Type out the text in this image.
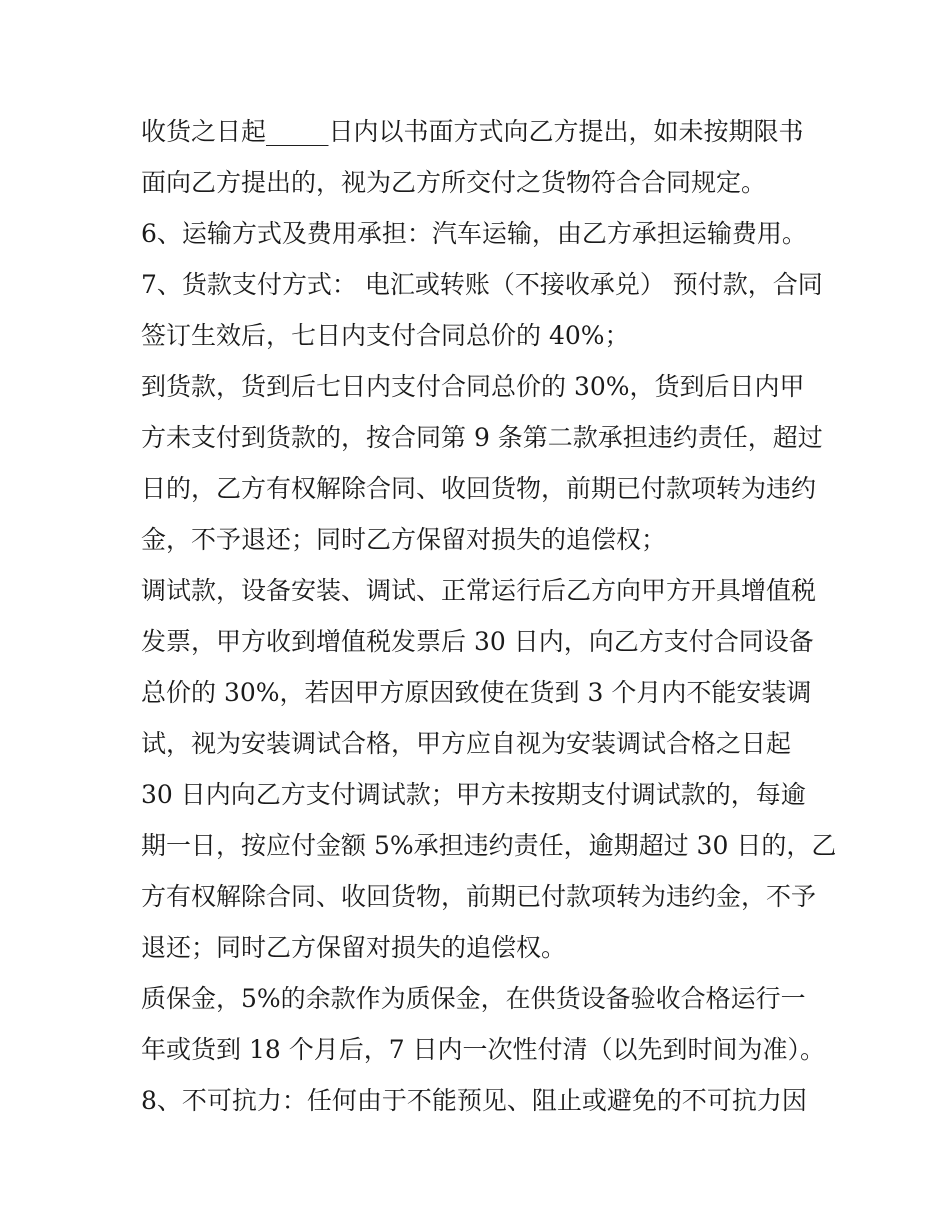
收货之日起_____日内以书面方式向乙方提出，如未按期限书
面向乙方提出的，视为乙方所交付之货物符合合同规定。
6、运输方式及费用承担：汽车运输，由乙方承担运输费用。
7、货款支付方式： 电汇或转账（不接收承兑） 预付款，合同
签订生效后，七日内支付合同总价的 40%；
到货款，货到后七日内支付合同总价的 30%，货到后日内甲
方未支付到货款的，按合同第 9 条第二款承担违约责任，超过
日的，乙方有权解除合同、收回货物，前期已付款项转为违约
金，不予退还；同时乙方保留对损失的追偿权；
调试款，设备安装、调试、正常运行后乙方向甲方开具增值税
发票，甲方收到增值税发票后 30 日内，向乙方支付合同设备
总价的 30%，若因甲方原因致使在货到 3 个月内不能安装调
试，视为安装调试合格，甲方应自视为安装调试合格之日起
30 日内向乙方支付调试款；甲方未按期支付调试款的，每逾
期一日，按应付金额 5%承担违约责任，逾期超过 30 日的，乙
方有权解除合同、收回货物，前期已付款项转为违约金，不予
退还；同时乙方保留对损失的追偿权。
质保金，5%的余款作为质保金，在供货设备验收合格运行一
年或货到 18 个月后，7 日内一次性付清（以先到时间为准）。
8、不可抗力：任何由于不能预见、阻止或避免的不可抗力因
